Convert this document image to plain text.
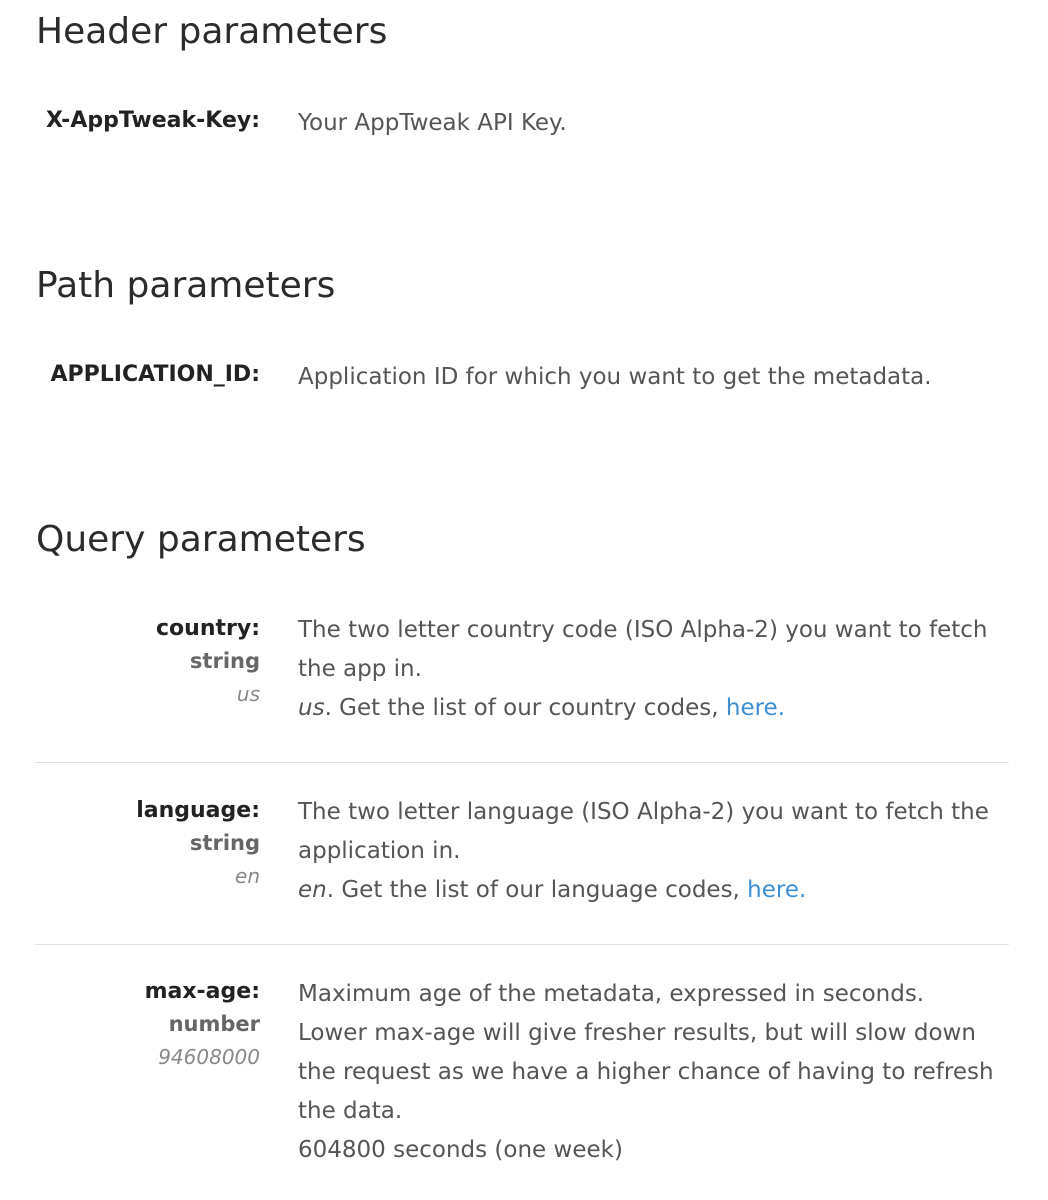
Header parameters
X-AppTweak-Key: Your AppTweak API Key.

Path parameters
APPLICATION_ID: Application ID for which you want to get the metadata.

Query parameters
country:
string
us

The two letter country code (ISO Alpha-2) you want to fetch

the app in.

us. Get the list of our country codes, here.

language:
string
en

The two letter language (ISO Alpha-2) you want to fetch the

application in.

en. Get the list of our language codes, here.

max-age:
number
94608000

Maximum age of the metadata, expressed in seconds.

Lower max-age will give fresher results, but will slow down

the request as we have a higher chance of having to refresh

the data.

604800 seconds (one week)
